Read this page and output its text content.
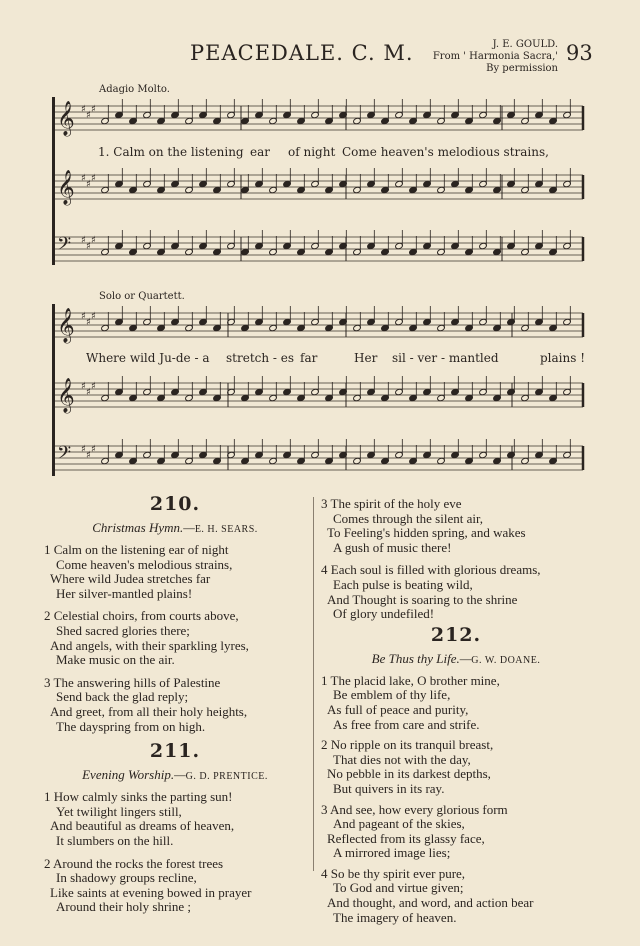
PEACEDALE. C. M.	J. E. GOULD.
From ' Harmonia Sacra,'
By permission
93
Adagio Molto.
Solo or Quartett.
𝄞 ♯
♯
♯
𝄞 ♯
♯
♯
𝄢 ♯
♯
♯
𝄞 ♯
♯
♯
𝄞 ♯
♯
♯
𝄢 ♯
♯
♯
1. Calm on the listening ear of night Come heaven's melodious strains,
Where wild Ju-de - a stretch - es far	Her sil - ver - mantled	plains !
210.
Christmas Hymn.—E. H. SEARS.
1 Calm on the listening ear of night
Come heaven's melodious strains,
Where wild Judea stretches far
Her silver-mantled plains!
2 Celestial choirs, from courts above,
Shed sacred glories there;
And angels, with their sparkling lyres,
Make music on the air.
3 The answering hills of Palestine
Send back the glad reply;
And greet, from all their holy heights,
The dayspring from on high.
211.
Evening Worship.—G. D. PRENTICE.
1 How calmly sinks the parting sun!
Yet twilight lingers still,
And beautiful as dreams of heaven,
It slumbers on the hill.
2 Around the rocks the forest trees
In shadowy groups recline,
Like saints at evening bowed in prayer
Around their holy shrine ;
3 The spirit of the holy eve
Comes through the silent air,
To Feeling's hidden spring, and wakes
A gush of music there!
4 Each soul is filled with glorious dreams,
Each pulse is beating wild,
And Thought is soaring to the shrine
Of glory undefiled!
212.
Be Thus thy Life.—G. W. DOANE.
1 The placid lake, O brother mine,
Be emblem of thy life,
As full of peace and purity,
As free from care and strife.
2 No ripple on its tranquil breast,
That dies not with the day,
No pebble in its darkest depths,
But quivers in its ray.
3 And see, how every glorious form
And pageant of the skies,
Reflected from its glassy face,
A mirrored image lies;
4 So be thy spirit ever pure,
To God and virtue given;
And thought, and word, and action bear
The imagery of heaven.
